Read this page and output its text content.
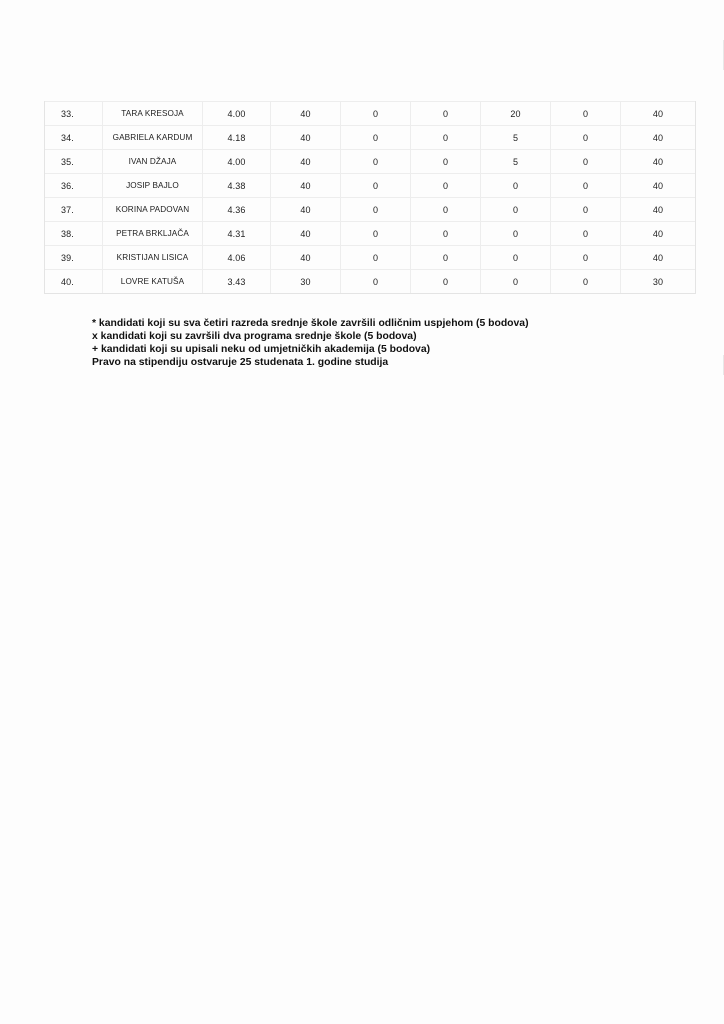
33.	TARA KRESOJA	4.00	40	0	0	20	0	40
34.	GABRIELA KARDUM	4.18	40	0	0	5	0	40
35.	IVAN DŽAJA	4.00	40	0	0	5	0	40
36.	JOSIP BAJLO	4.38	40	0	0	0	0	40
37.	KORINA PADOVAN	4.36	40	0	0	0	0	40
38.	PETRA BRKLJAČA	4.31	40	0	0	0	0	40
39.	KRISTIJAN LISICA	4.06	40	0	0	0	0	40
40.	LOVRE KATUŠA	3.43	30	0	0	0	0	30
* kandidati koji su sva četiri razreda srednje škole završili odličnim uspjehom (5 bodova)
x kandidati koji su završili dva programa srednje škole (5 bodova)
+ kandidati koji su upisali neku od umjetničkih akademija (5 bodova)
Pravo na stipendiju ostvaruje 25 studenata 1. godine studija
